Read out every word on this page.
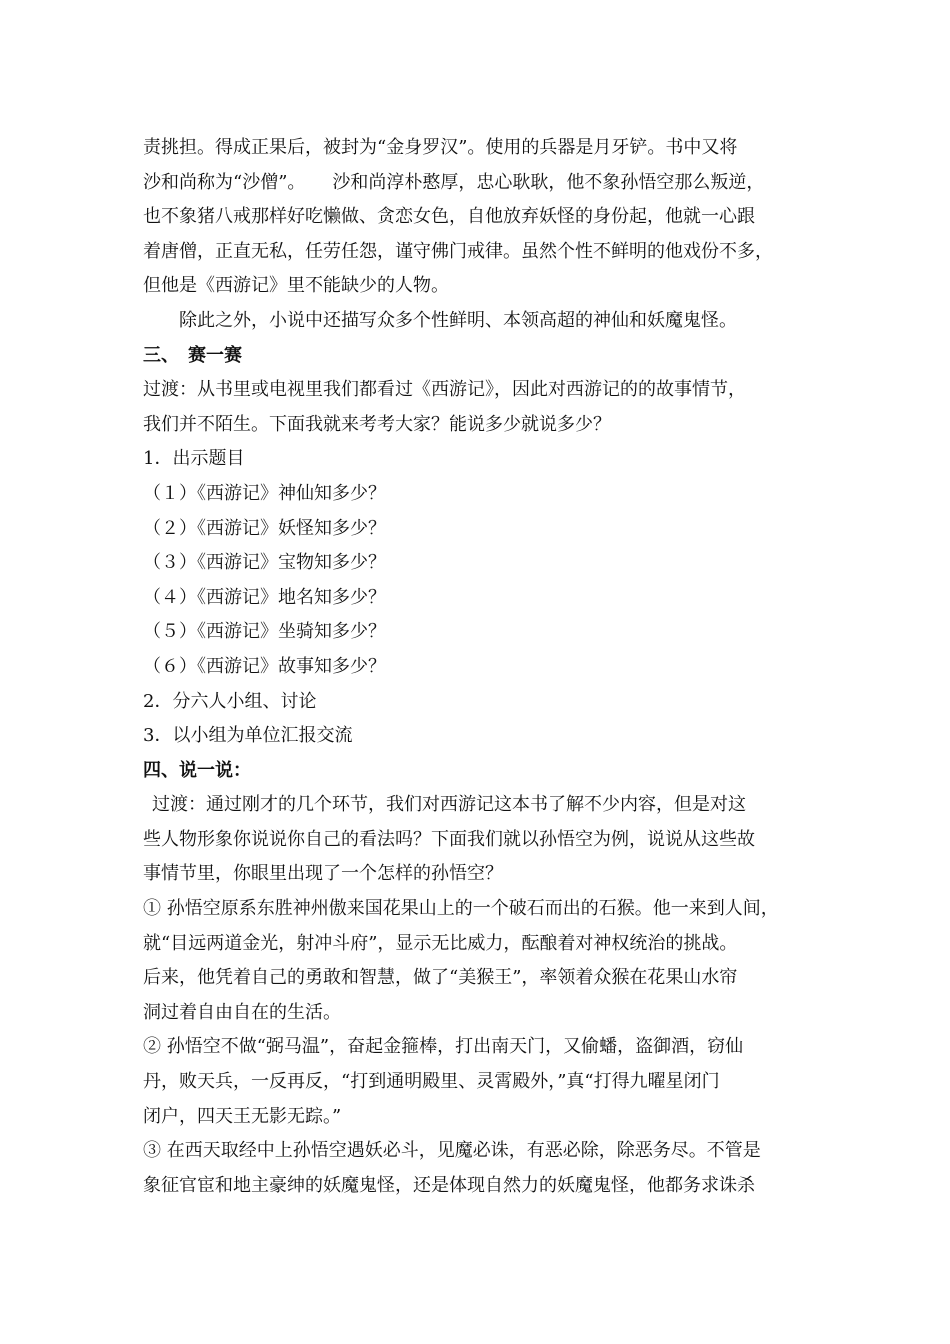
责挑担。得成正果后，被封为“金身罗汉”。使用的兵器是月牙铲。书中又将
沙和尚称为“沙僧”。　　沙和尚淳朴憨厚，忠心耿耿，他不象孙悟空那么叛逆，
也不象猪八戒那样好吃懒做、贪恋女色，自他放弃妖怪的身份起，他就一心跟
着唐僧，正直无私，任劳任怨，谨守佛门戒律。虽然个性不鲜明的他戏份不多，
但他是《西游记》里不能缺少的人物。
除此之外，小说中还描写众多个性鲜明、本领高超的神仙和妖魔鬼怪。
三、　赛一赛
过渡：从书里或电视里我们都看过《西游记》，因此对西游记的的故事情节，
我们并不陌生。下面我就来考考大家？能说多少就说多少？
1．出示题目
（１）《西游记》神仙知多少？
（２）《西游记》妖怪知多少？
（３）《西游记》宝物知多少？
（４）《西游记》地名知多少？
（５）《西游记》坐骑知多少？
（６）《西游记》故事知多少？
2．分六人小组、讨论
3．以小组为单位汇报交流
四、说一说：
过渡：通过刚才的几个环节，我们对西游记这本书了解不少内容，但是对这
些人物形象你说说你自己的看法吗？下面我们就以孙悟空为例，说说从这些故
事情节里，你眼里出现了一个怎样的孙悟空？
① 孙悟空原系东胜神州傲来国花果山上的一个破石而出的石猴。他一来到人间，
就“目远两道金光，射冲斗府”，显示无比威力，酝酿着对神权统治的挑战。
后来，他凭着自己的勇敢和智慧，做了“美猴王”，率领着众猴在花果山水帘
洞过着自由自在的生活。
② 孙悟空不做“弼马温”，奋起金箍棒，打出南天门，又偷蟠，盗御酒，窃仙
丹，败天兵，一反再反，“打到通明殿里、灵霄殿外，”真“打得九曜星闭门
闭户，四天王无影无踪。”
③ 在西天取经中上孙悟空遇妖必斗，见魔必诛，有恶必除，除恶务尽。不管是
象征官宦和地主豪绅的妖魔鬼怪，还是体现自然力的妖魔鬼怪，他都务求诛杀
